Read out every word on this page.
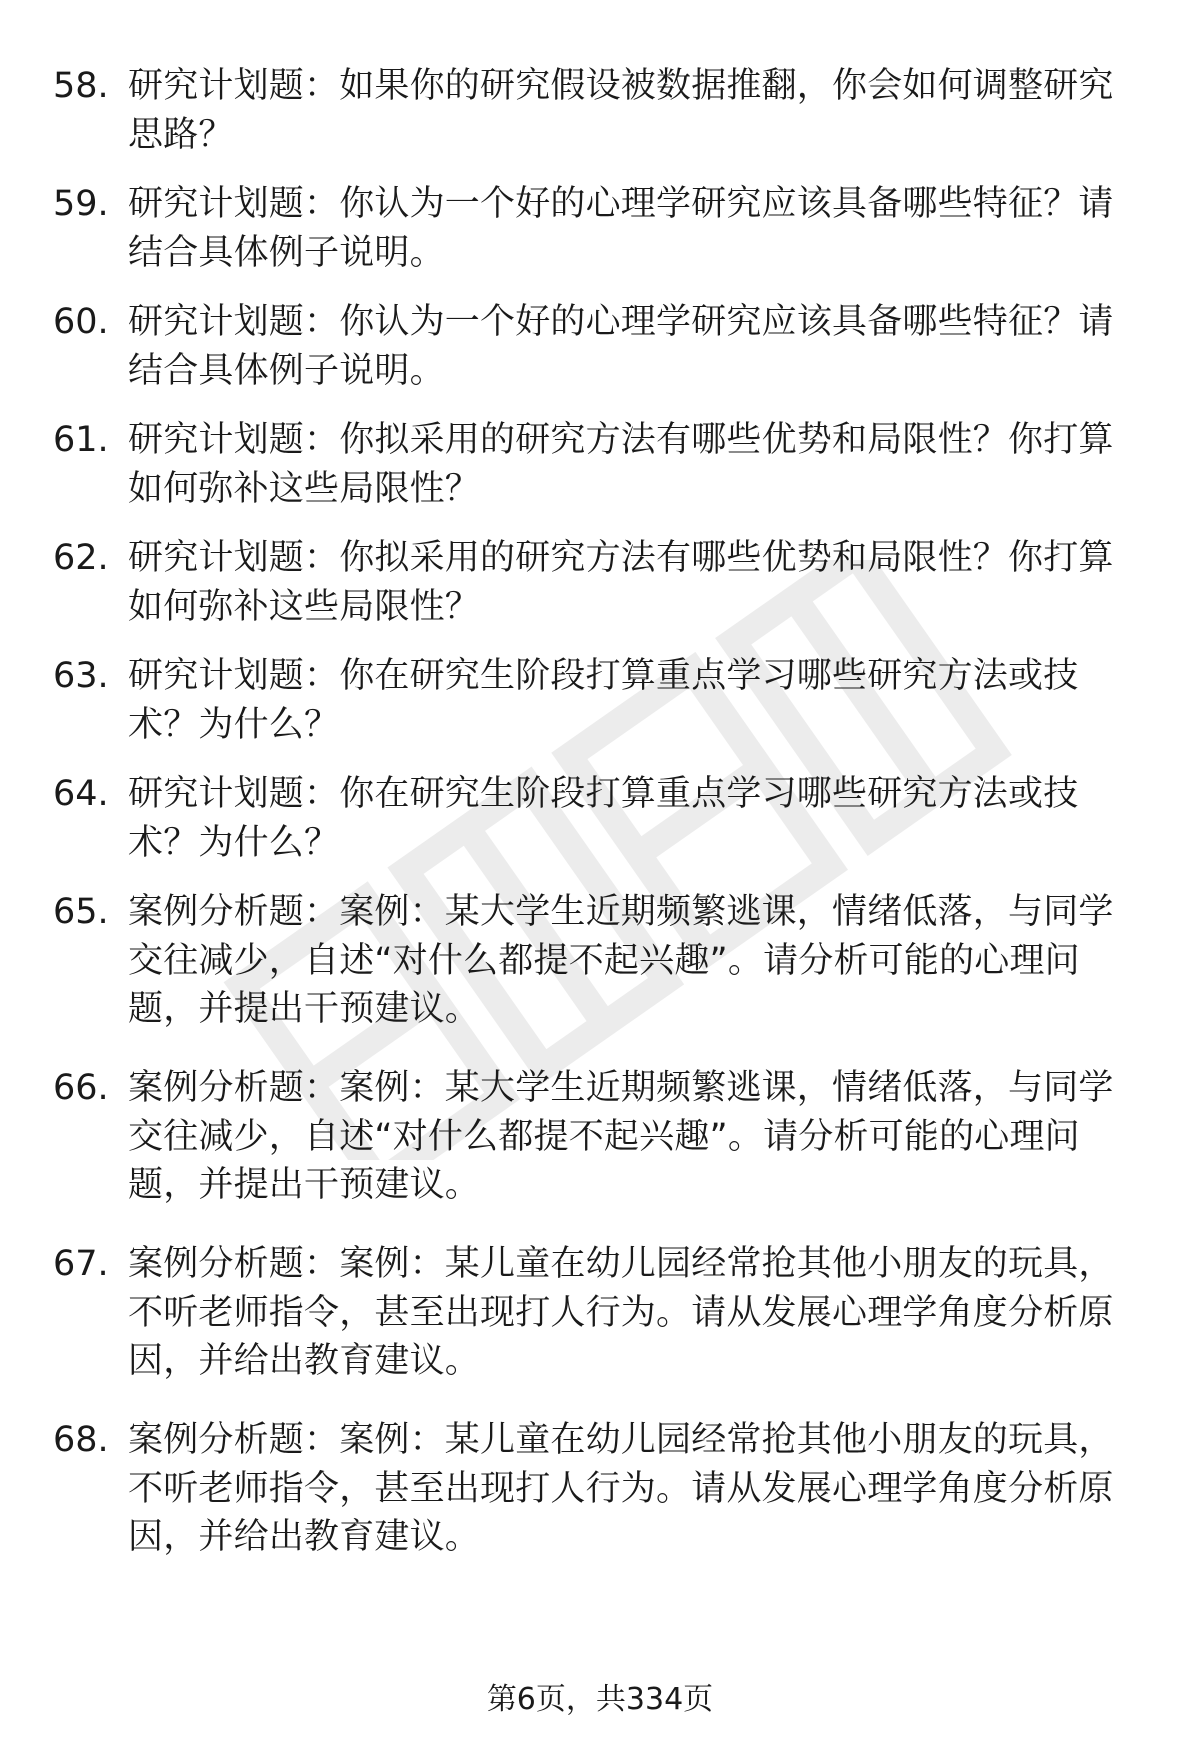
58. 研究计划题：如果你的研究假设被数据推翻，你会如何调整研究思路？
59. 研究计划题：你认为一个好的心理学研究应该具备哪些特征？请结合具体例子说明。
60. 研究计划题：你认为一个好的心理学研究应该具备哪些特征？请结合具体例子说明。
61. 研究计划题：你拟采用的研究方法有哪些优势和局限性？你打算如何弥补这些局限性？
62. 研究计划题：你拟采用的研究方法有哪些优势和局限性？你打算如何弥补这些局限性？
63. 研究计划题：你在研究生阶段打算重点学习哪些研究方法或技术？为什么？
64. 研究计划题：你在研究生阶段打算重点学习哪些研究方法或技术？为什么？
65. 案例分析题：案例：某大学生近期频繁逃课，情绪低落，与同学交往减少，自述“对什么都提不起兴趣”。请分析可能的心理问题，并提出干预建议。
66. 案例分析题：案例：某大学生近期频繁逃课，情绪低落，与同学交往减少，自述“对什么都提不起兴趣”。请分析可能的心理问题，并提出干预建议。
67. 案例分析题：案例：某儿童在幼儿园经常抢其他小朋友的玩具，不听老师指令，甚至出现打人行为。请从发展心理学角度分析原因，并给出教育建议。
68. 案例分析题：案例：某儿童在幼儿园经常抢其他小朋友的玩具，不听老师指令，甚至出现打人行为。请从发展心理学角度分析原因，并给出教育建议。
第6页，共334页
